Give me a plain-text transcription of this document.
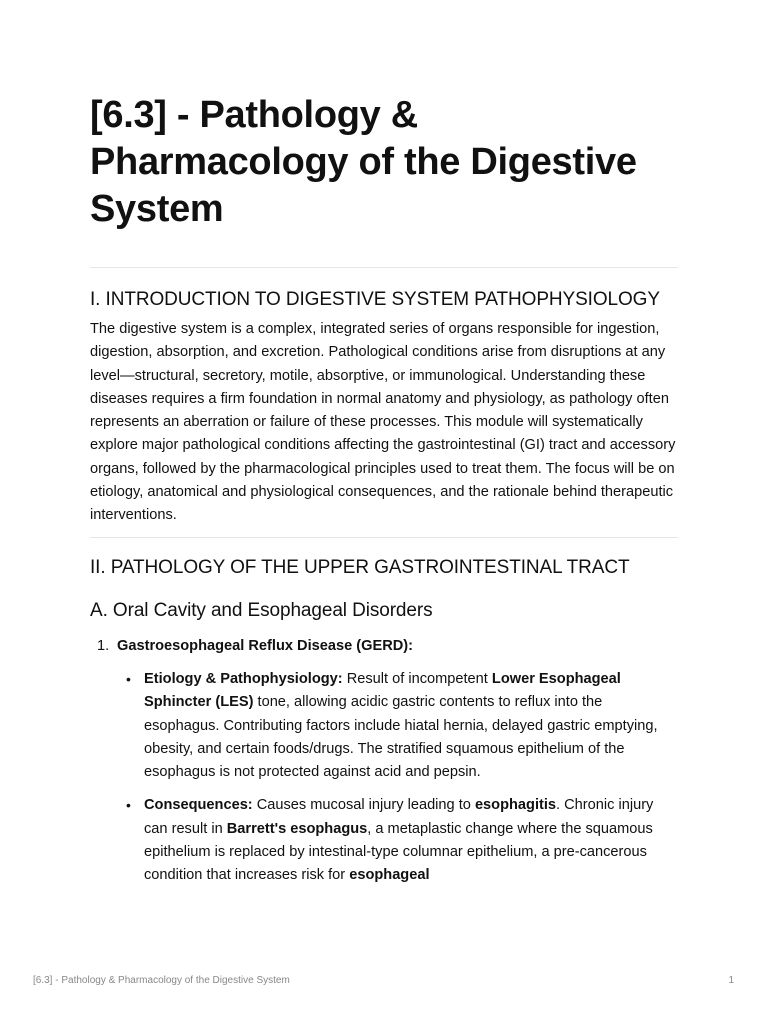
[6.3] - Pathology & Pharmacology of the Digestive System
I. INTRODUCTION TO DIGESTIVE SYSTEM PATHOPHYSIOLOGY

The digestive system is a complex, integrated series of organs responsible for ingestion, digestion, absorption, and excretion. Pathological conditions arise from disruptions at any level—structural, secretory, motile, absorptive, or immunological. Understanding these diseases requires a firm foundation in normal anatomy and physiology, as pathology often represents an aberration or failure of these processes. This module will systematically explore major pathological conditions affecting the gastrointestinal (GI) tract and accessory organs, followed by the pharmacological principles used to treat them. The focus will be on etiology, anatomical and physiological consequences, and the rationale behind therapeutic interventions.

II. PATHOLOGY OF THE UPPER GASTROINTESTINAL TRACT
A. Oral Cavity and Esophageal Disorders
1. Gastroesophageal Reflux Disease (GERD):
• Etiology & Pathophysiology: Result of incompetent Lower Esophageal Sphincter (LES) tone, allowing acidic gastric contents to reflux into the esophagus. Contributing factors include hiatal hernia, delayed gastric emptying, obesity, and certain foods/drugs. The stratified squamous epithelium of the esophagus is not protected against acid and pepsin.
• Consequences: Causes mucosal injury leading to esophagitis. Chronic injury can result in Barrett's esophagus, a metaplastic change where the squamous epithelium is replaced by intestinal-type columnar epithelium, a pre-cancerous condition that increases risk for esophageal
[6.3] - Pathology & Pharmacology of the Digestive System	1
